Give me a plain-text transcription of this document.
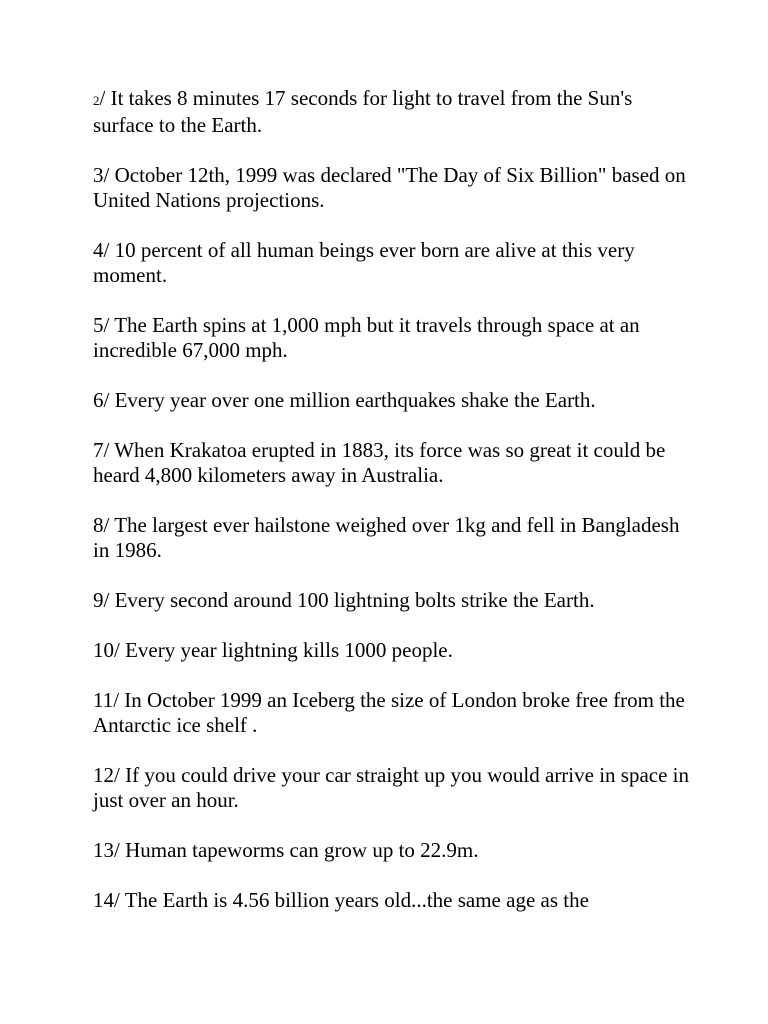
2/ It takes 8 minutes 17 seconds for light to travel from the Sun's surface to the Earth.

3/ October 12th, 1999 was declared "The Day of Six Billion" based on United Nations projections.

4/ 10 percent of all human beings ever born are alive at this very moment.

5/ The Earth spins at 1,000 mph but it travels through space at an incredible 67,000 mph.

6/ Every year over one million earthquakes shake the Earth.

7/ When Krakatoa erupted in 1883, its force was so great it could be heard 4,800 kilometers away in Australia.

8/ The largest ever hailstone weighed over 1kg and fell in Bangladesh in 1986.

9/ Every second around 100 lightning bolts strike the Earth.

10/ Every year lightning kills 1000 people.

11/ In October 1999 an Iceberg the size of London broke free from the Antarctic ice shelf .

12/ If you could drive your car straight up you would arrive in space in just over an hour.

13/ Human tapeworms can grow up to 22.9m.

14/ The Earth is 4.56 billion years old...the same age as the
